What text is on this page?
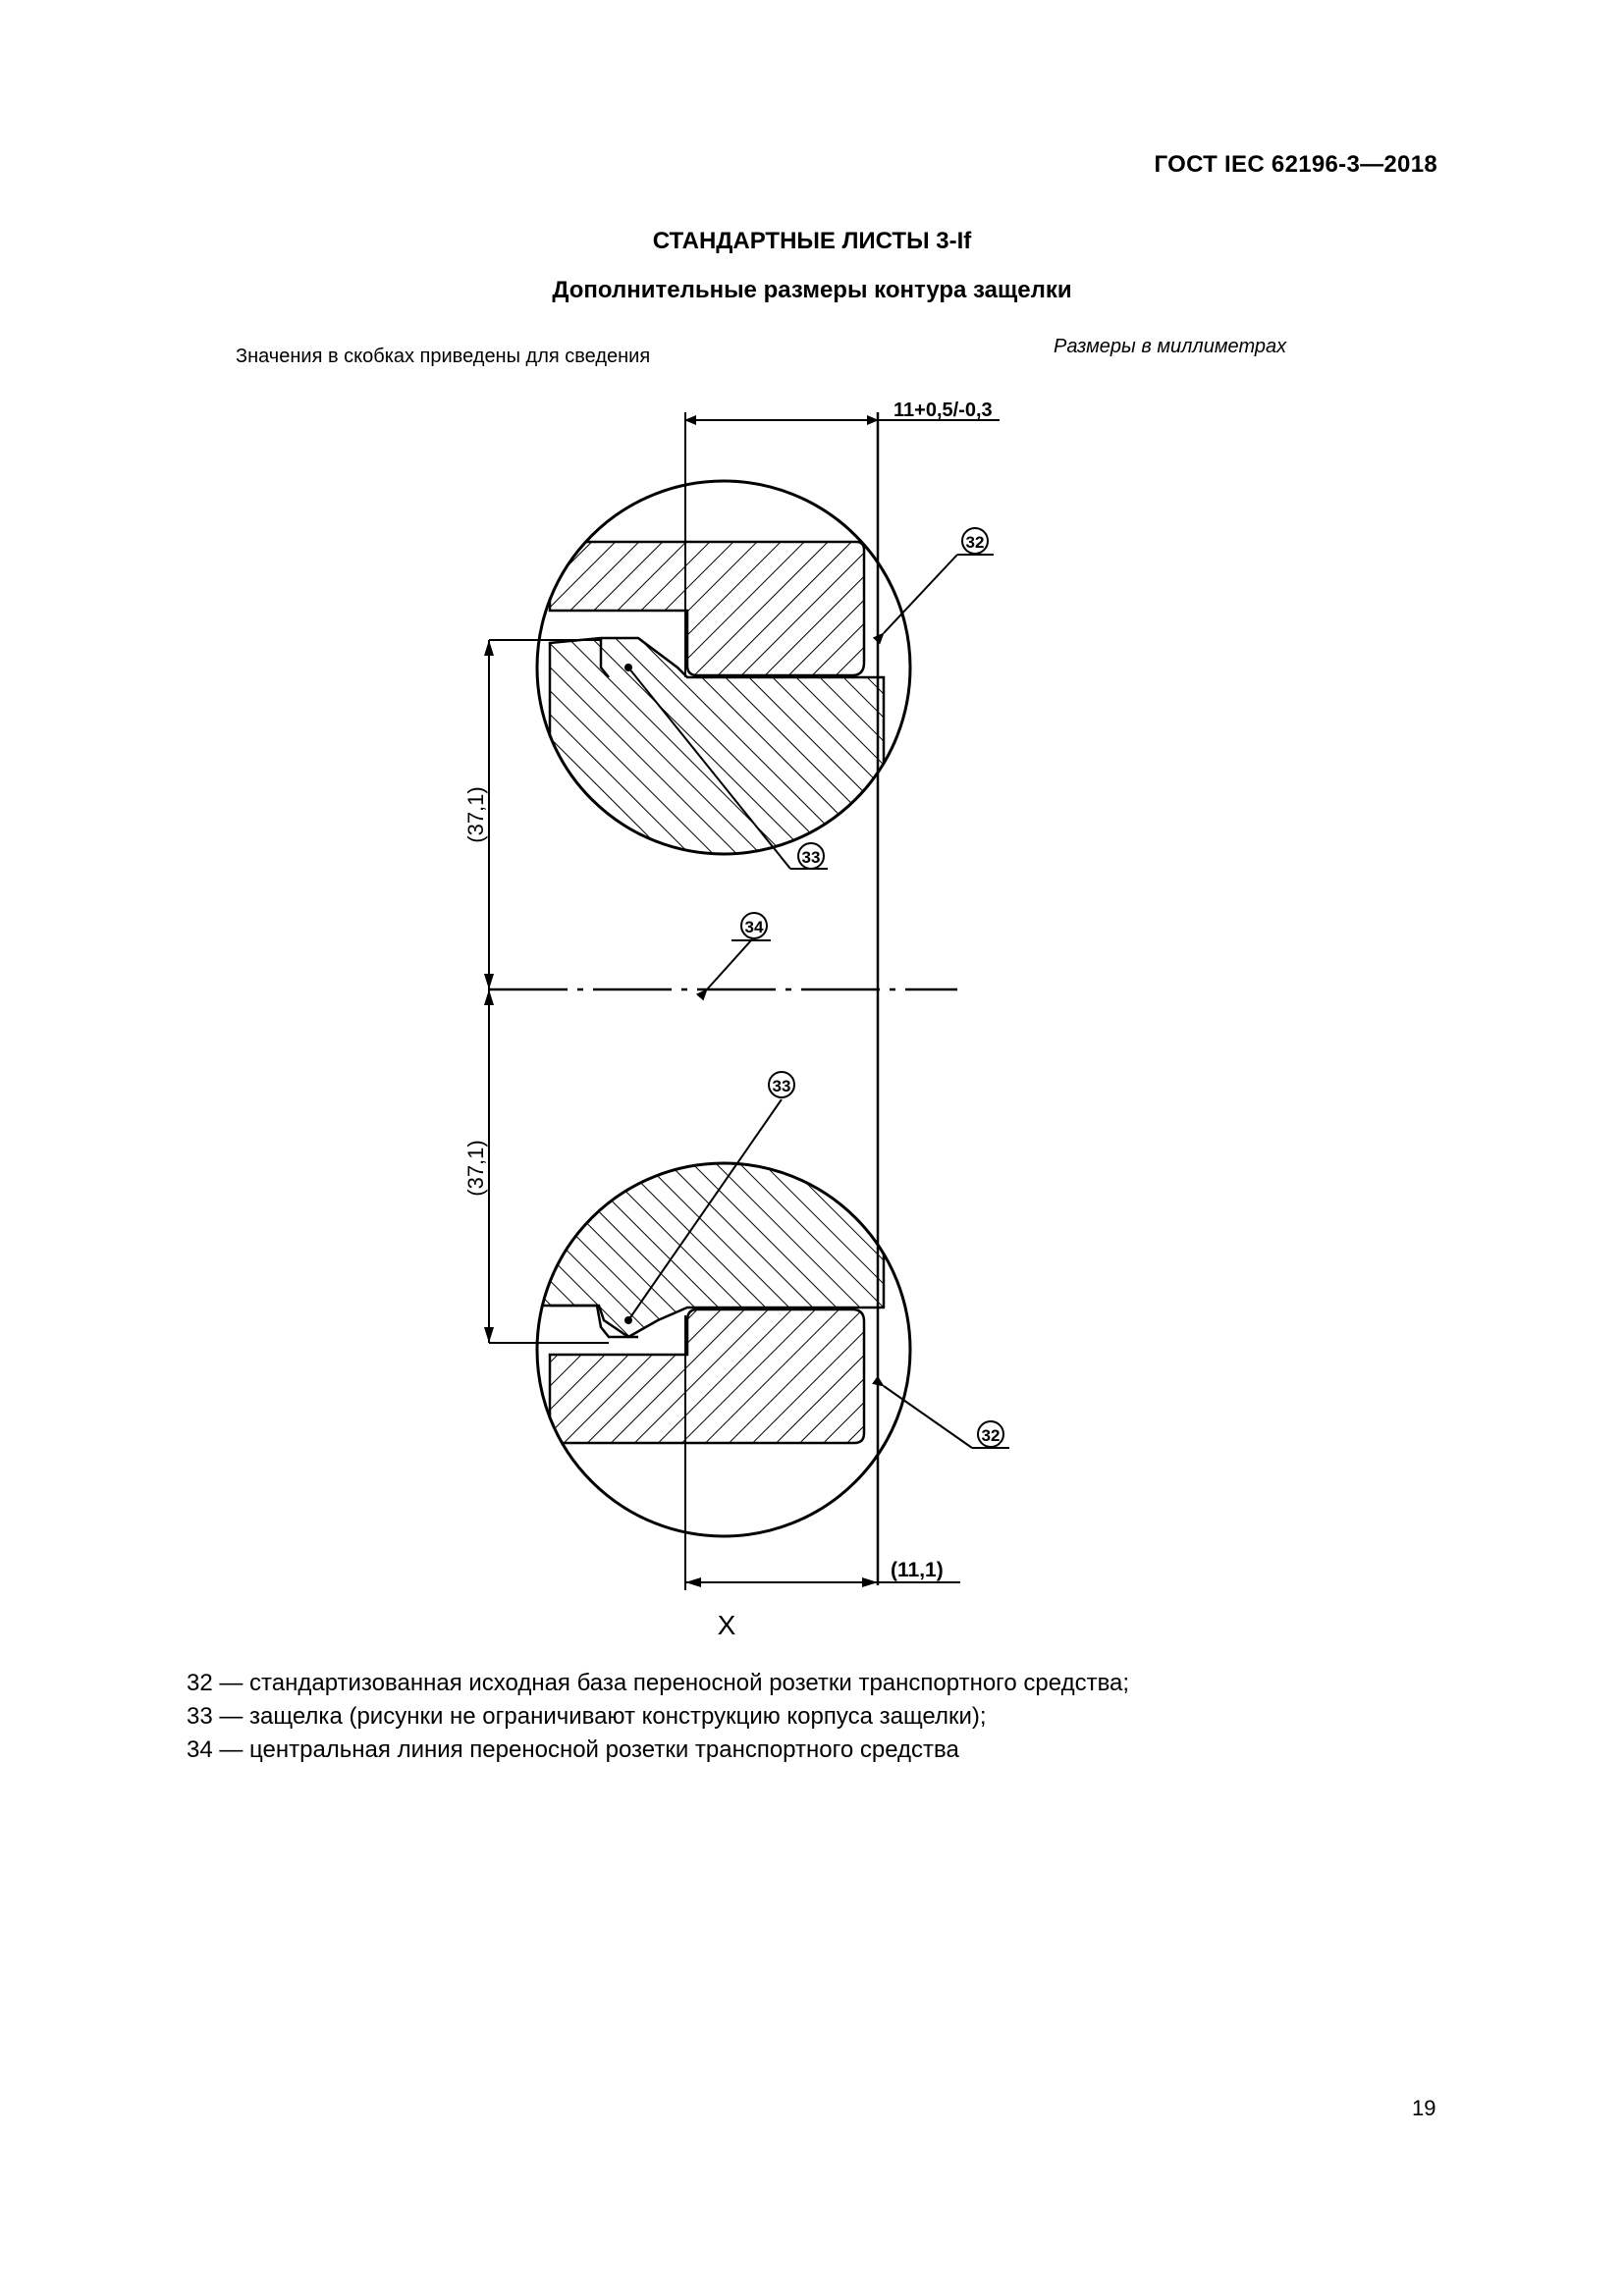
ГОСТ IEC 62196-3—2018
СТАНДАРТНЫЕ ЛИСТЫ 3-If
Дополнительные размеры контура защелки
Значения в скобках приведены для сведения	Размеры в миллиметрах
11+0,5/-0,3
32
33
(37,1)
34
(37,1)
33
32
(11,1)
X
32 — стандартизованная исходная база переносной розетки транспортного средства;
33 — защелка (рисунки не ограничивают конструкцию корпуса защелки);
34 — центральная линия переносной розетки транспортного средства
19
